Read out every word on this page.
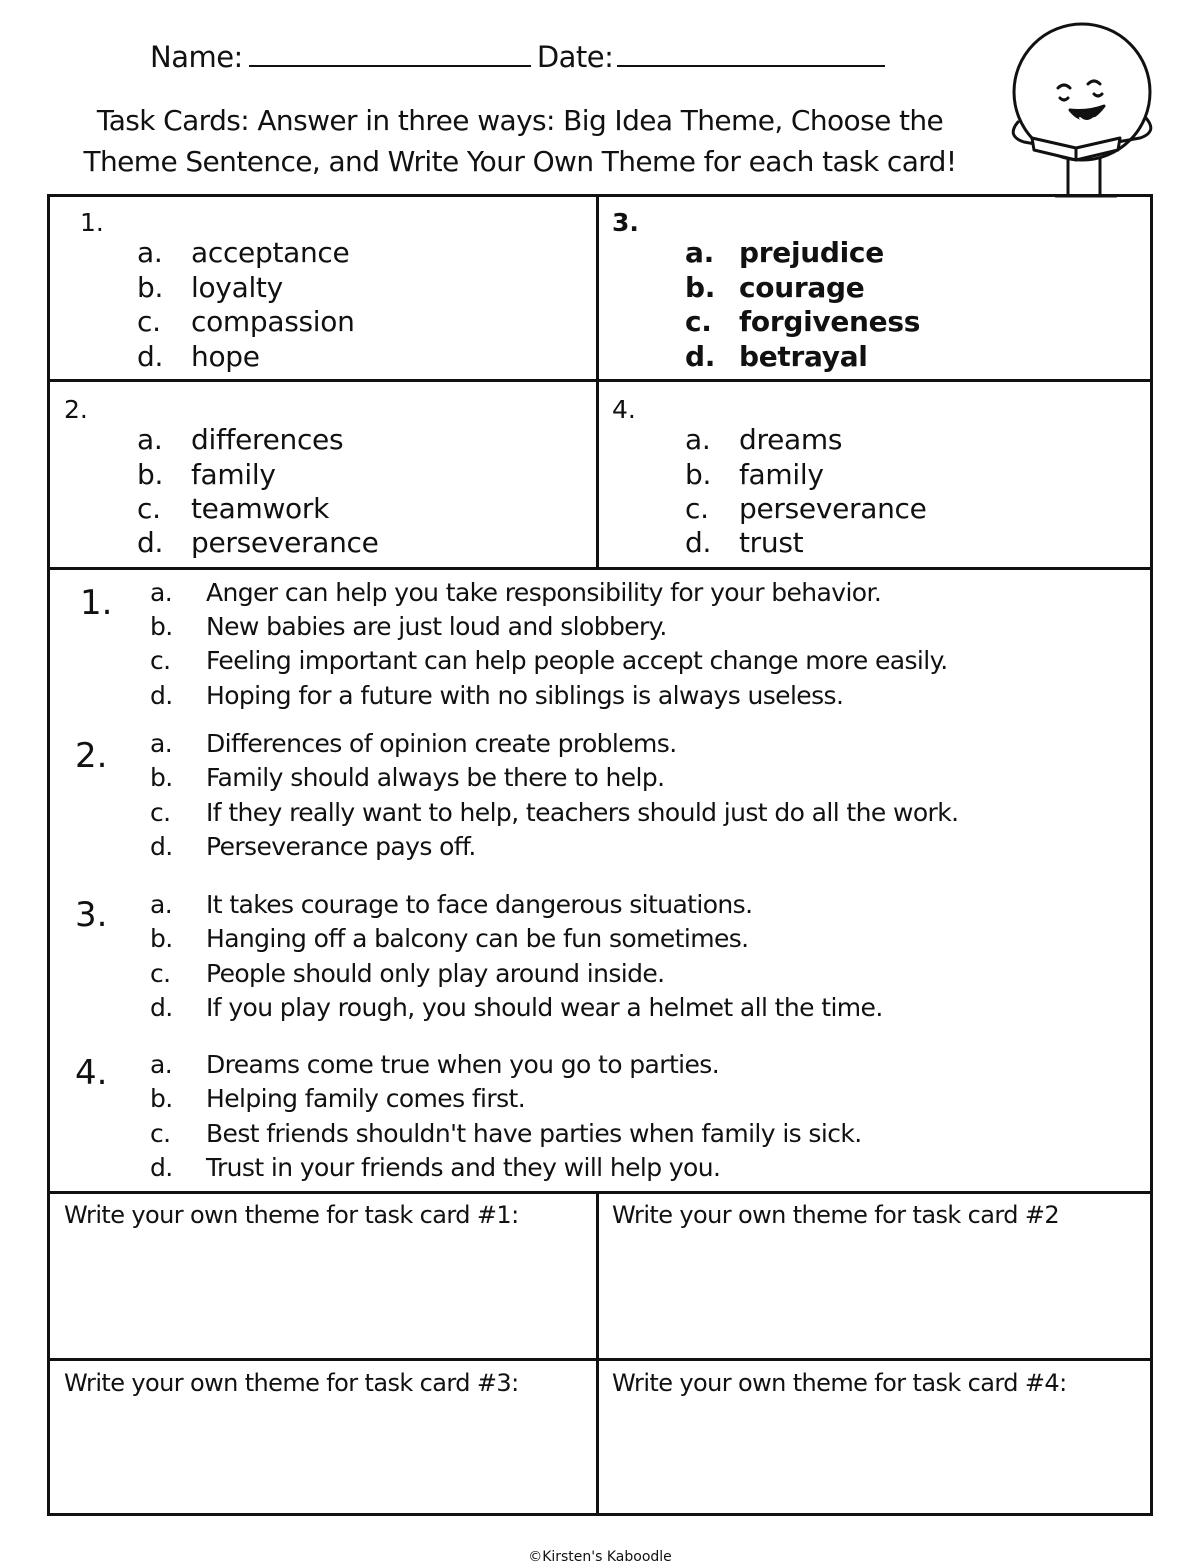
Name:	Date:
Task Cards: Answer in three ways: Big Idea Theme, Choose the
Theme Sentence, and Write Your Own Theme for each task card!
1.
a. acceptance
b. loyalty
c. compassion
d. hope
3.
a. prejudice
b. courage
c. forgiveness
d. betrayal
2.
a. differences
b. family
c. teamwork
d. perseverance
4.
a. dreams
b. family
c. perseverance
d. trust
1. a. Anger can help you take responsibility for your behavior.
b. New babies are just loud and slobbery.
c. Feeling important can help people accept change more easily.
d. Hoping for a future with no siblings is always useless.
2. a. Differences of opinion create problems.
b. Family should always be there to help.
c. If they really want to help, teachers should just do all the work.
d. Perseverance pays off.
3. a. It takes courage to face dangerous situations.
b. Hanging off a balcony can be fun sometimes.
c. People should only play around inside.
d. If you play rough, you should wear a helmet all the time.
4. a. Dreams come true when you go to parties.
b. Helping family comes first.
c. Best friends shouldn't have parties when family is sick.
d. Trust in your friends and they will help you.
Write your own theme for task card #1:	Write your own theme for task card #2
Write your own theme for task card #3:	Write your own theme for task card #4:
©Kirsten's Kaboodle
